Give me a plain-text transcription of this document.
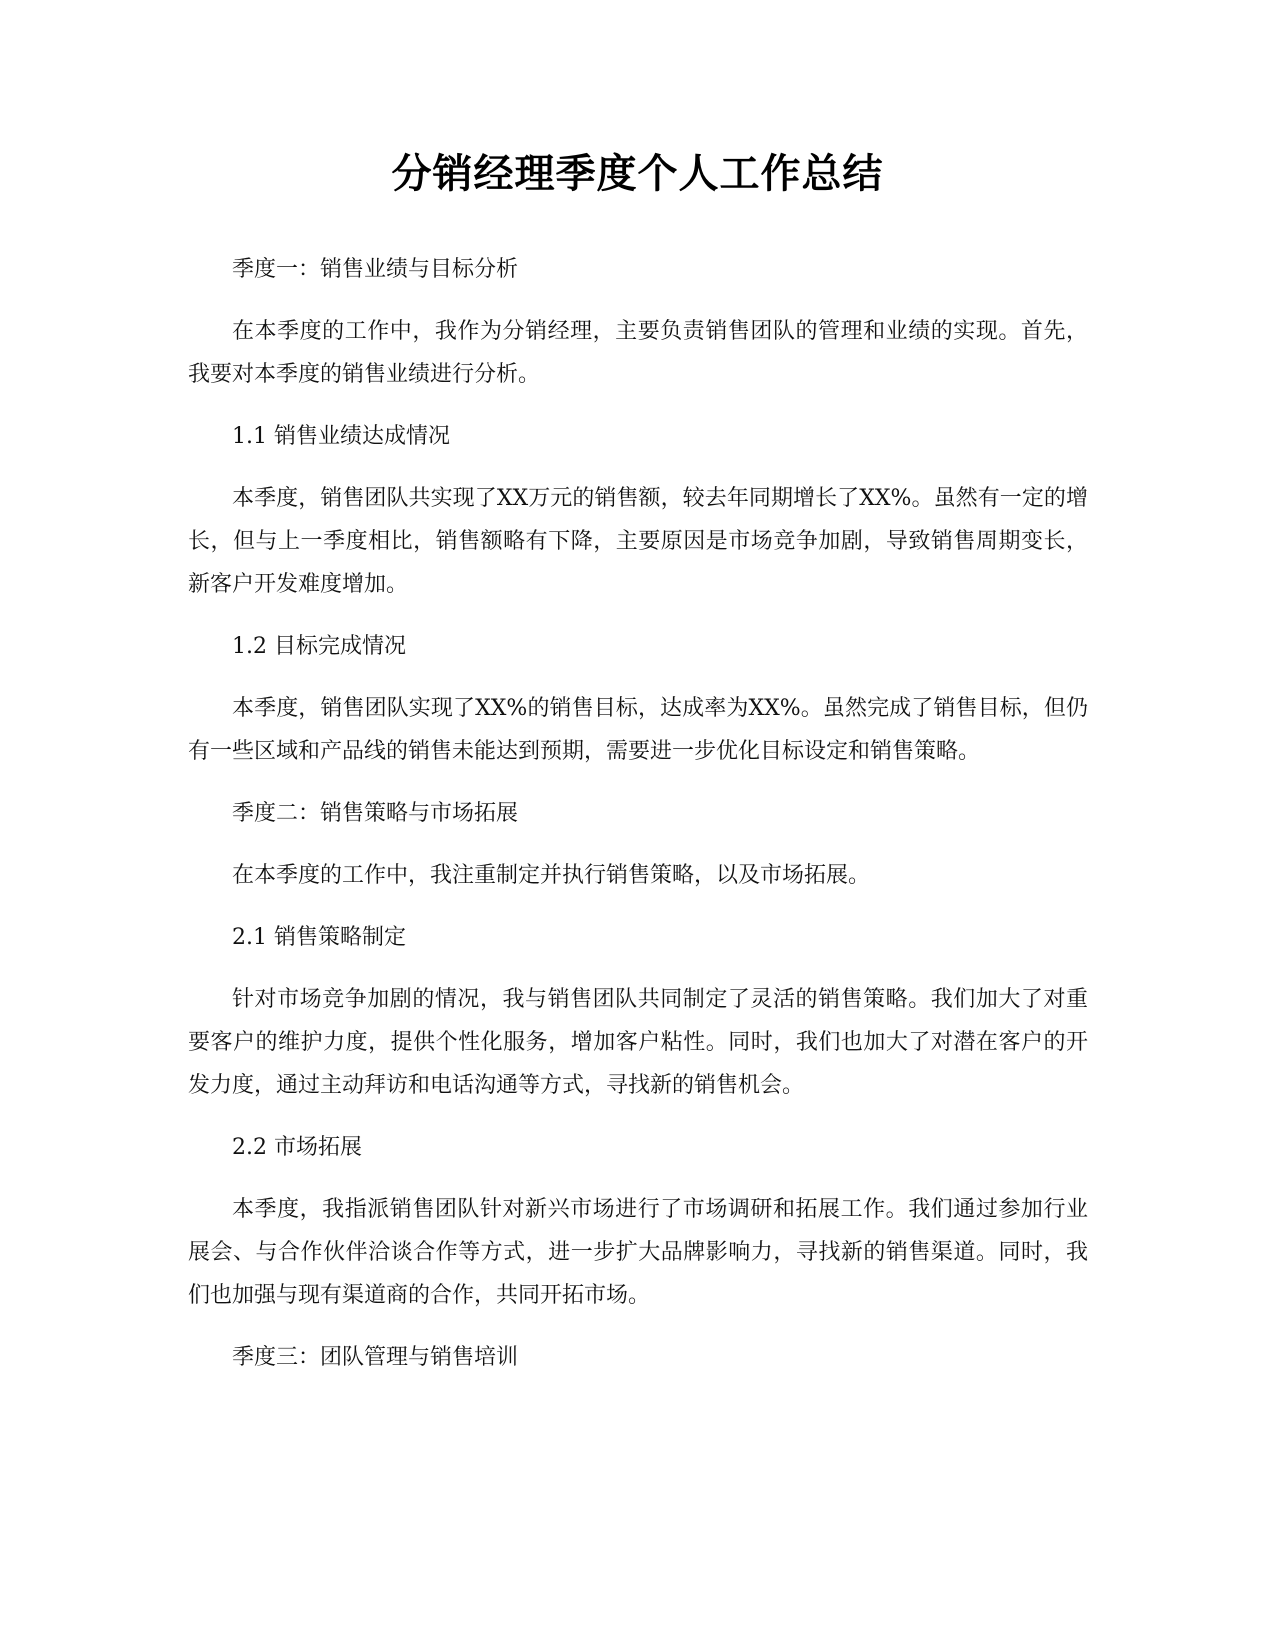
分销经理季度个人工作总结

季度一：销售业绩与目标分析

在本季度的工作中，我作为分销经理，主要负责销售团队的管理和业绩的实现。首先，我要对本季度的销售业绩进行分析。

1.1 销售业绩达成情况

本季度，销售团队共实现了XX万元的销售额，较去年同期增长了XX%。虽然有一定的增长，但与上一季度相比，销售额略有下降，主要原因是市场竞争加剧，导致销售周期变长，新客户开发难度增加。

1.2 目标完成情况

本季度，销售团队实现了XX%的销售目标，达成率为XX%。虽然完成了销售目标，但仍有一些区域和产品线的销售未能达到预期，需要进一步优化目标设定和销售策略。

季度二：销售策略与市场拓展

在本季度的工作中，我注重制定并执行销售策略，以及市场拓展。

2.1 销售策略制定

针对市场竞争加剧的情况，我与销售团队共同制定了灵活的销售策略。我们加大了对重要客户的维护力度，提供个性化服务，增加客户粘性。同时，我们也加大了对潜在客户的开发力度，通过主动拜访和电话沟通等方式，寻找新的销售机会。

2.2 市场拓展

本季度，我指派销售团队针对新兴市场进行了市场调研和拓展工作。我们通过参加行业展会、与合作伙伴洽谈合作等方式，进一步扩大品牌影响力，寻找新的销售渠道。同时，我们也加强与现有渠道商的合作，共同开拓市场。

季度三：团队管理与销售培训
